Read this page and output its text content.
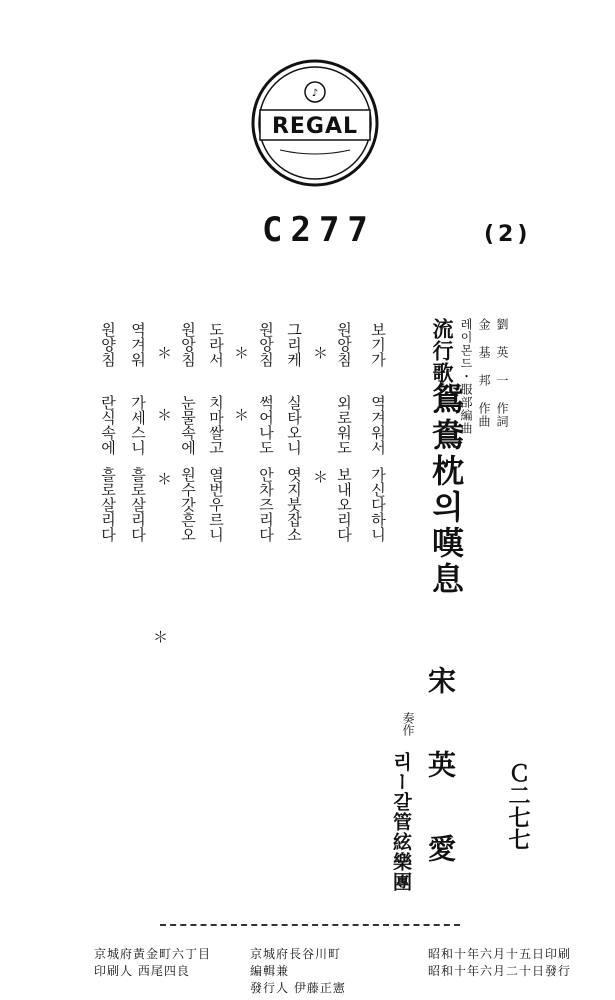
♪
REGAL
C277	(2)
劉 英 一 作詞
金 基 邦 作曲
레이몬드・服部編曲
流行歌
鴛鴦枕의嘆息
보기가
역겨워서
가신다하니
원앙침
외로워도
보내오리다
＊
＊
그리케
실타오니
엿지붓잡소
원앙침
썩어나도
안차즈리다
＊
＊
도라서
치마쌀고
열번우르니
원앙침
눈물속에
원수갓흔오
＊
＊
＊
역겨워
가세스니
흘로살리다
원양침
란식속에
흘로살리다
＊
宋英愛
奏作
리ー갈管絃樂團	Ｃ二七七
昭和十年六月十五日印刷
昭和十年六月二十日發行
京城府長谷川町
編輯兼
發行人 伊藤正憲
京城府黃金町六丁目
印刷人 西尾四良
